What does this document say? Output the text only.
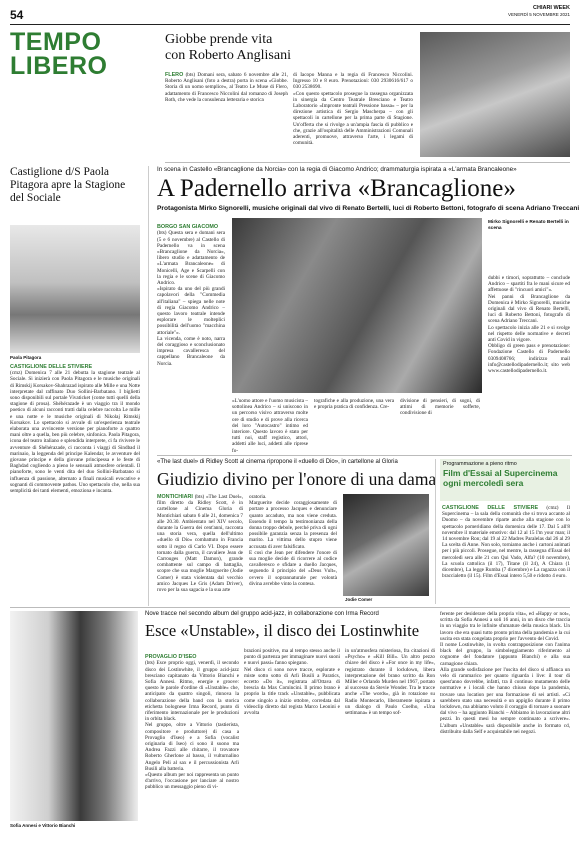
54	CHIARI WEEK
VENERDÌ 5 NOVEMBRE 2021
TEMPO
LIBERO
Giobbe prende vita
con Roberto Anglisani
FLERO (bts) Domani sera, sabato 6 novembre alle 21, Roberto Anglisani (foto a destra) porta in scena «Giobbe. Storia di un uomo semplice», al Teatro Le Muse di Flero, adattamento di Francesco Niccolini dal romanzo di Joseph Roth, che vede la consulenza letteraria e storica
di Iacopo Manna e la regia di Francesco Niccolini. Ingresso 10 e 8 euro. Prenotazioni: 030 2930616/617 o 030 2538690.
«Con questo spettacolo prosegue la rassegna organizzata in sinergia da Centro Teatrale Bresciano e Teatro Laboratorio «Improntе teatrali Pressione bassa» – per la direzione artistica di Sergio Mascherpa – con gli spettacoli in cartellone per la prima parte di Stagione. Un'offerta che si rivolge a un'ampia fascia di pubblico e che, grazie all'ospitalità delle Amministrazioni Comunali aderenti, promuove, attraverso l'arte, i legami di comunità.
Castiglione d/S Paola Pitagora apre la Stagione del Sociale
Paola Pitagora
CASTIGLIONE DELLE STIVIERE
(cmz) Domenica 7 alle 21 debutta la stagione teatrale al Sociale. Si inizierà con Paola Pitagora e le musiche originali di Rimskij Korsakov-Shahrazad ispirato alle Mille e una Notte interpretate dal raffinato Duo Sollini-Barbatano. I biglietti sono disponibili sul portale Vivaticket (come tutti quelli della stagione di prosa). Shéhérazade è un viaggio tra il mondo poetico di alcuni racconti tratti dalla celebre raccolta Le mille e una notte e le musiche originali di Nikolaj Rimskij Korsakov. Lo spettacolo si avvale di un'esperienza teatrale elaborata una avvincente versione per pianoforte a quattro mani oltre a quella, ben più celebre, sinfonica. Paola Pitagora, icona del teatro italiano e splendida interprete, ci fa rivivere le avventure di Shéhérazade, ci racconta i viaggi di Sindbad il marinaio, la leggenda del principe Kalendar, le avventure del giovane principe e della giovane principessa e le feste di Baghdad cogliendo a pieno le sensuali atmosfere orientali. Il pianoforte, sono le venti dita del duo Sollini-Barbatano si influenza di passione, alternato a finali musicali evocative e sognanti di commovente pathos. Uno spettacolo che, nella sua semplicità dei tanti elementi, emoziona e incanta.
In scena in Castello «Brancaglione da Norcia» con la regia di Giacomo Andrico; drammaturgia ispirata a «L'armata Brancaleone»
A Padernello arriva «Brancaglione»
Protagonista Mirko Signorelli, musiche originali dal vivo di Renato Bertelli, luci di Roberto Bettoni, fotografo di scena Adriano Treccani

BORGO SAN GIACOMO
(bts) Questa sera e domani sera (5 e 6 novembre) al Castello di Padernello va in scena «Brancaglione da Norcia», libero studio e adattamento de «L'armata Brancaleone» di Monicelli, Age e Scarpelli con la regia e le scene di Giacomo Andrico.
«Ispirato da uno del più grandi capolavori della "Commedia all'italiana" – spiega nelle note di regia Giacomo Andrico – questo lavoro teatrale intende esplorare le molteplici possibilità dell'uomo "macchina attoriale"».
La vicenda, come è noto, narra del coraggioso e sconclusionato impresa cavalleresca del cappellano Brancaleone da Norcia.

Mirko Signorelli e Renato Bertelli in scena
«L'uomo attore e l'uomo musicista – sottolinea Andrico – si uniscono in un percorso visivo attraverso molte ore di studio e di prove alla ricerca del loro "Autocastro" intimo ed interiore. Questo lavoro è stato per tutti noi, staff registico, attori, addetti alle luci, addetti alle riprese fo-
tografiche e alla produzione, una vera e propria pratica di confidenza. Cre-
divisione di pensieri, di sogni, di attimi di memorie sofferte, condivisione di
dubbi e timori, soprattutto – conclude Andrico – spartiti fra le mani sicure ed affettuose di "rincuori amici"».
Nei panni di Brancaglione da Domenica è Mirko Signorelli, musiche originali dal vivo di Renato Bertelli, luci di Roberto Bettoni, fotografo di scena Adriano Treccani.
Lo spettacolo inizia alle 21 e si svolge nel rispetto delle normative e decreti anti Covid in vigore.
Obbligo di green pass e prenotazione: Fondazione Castello di Padernello 0309408766; indirizzo mail info@castellodipadernello.it; sito web www.castellodipadernello.it.
«The last duel» di Ridley Scott al cinema ripropone il «duello di Dio», in cartellone al Gloria
Giudizio divino per l'onore di una dama
MONTICHIARI (bts) «The Last Duel», film diretto da Ridley Scott, è in cartellone al Cinema Gloria di Montichiari sabato 6 alle 21, domenica 7 alle 20.30. Ambientato nel XIV secolo, durante la Guerra dei cent'anni, racconta una storia vera, quella dell'ultimo «duello di Dio» combattuto in Francia sotto il regno di Carlo VI. Dopo essere tornato dalla guerra, il cavaliere Jean de Carrouges (Matt Damon), grande combattente sul campo di battaglia, scopre che sua moglie Marguerite (Jodie Comer) è stata violentata dal vecchio amico Jacques Le Gris (Adam Driver), rovo per la sua sagacia e la sua arte
oratoria.
Marguerite decide coraggiosamente di portare a processo Jacques e denunciare quanto accaduto, ma non viene creduta. Essendo il tempo la testimonianza della donna troppo debole, perché priva di ogni possibile garanzia senza la presenza del marito. La vittima dello stupro viene accusata di aver falsificato.
E così che Jean per difendere l'onore di sua moglie decide di ricorrere al codice cavalleresco e sfidare a duello Jacques, seguendo il principio del «Deus Vult», ovvero il soprannaturale per volontà divina avrebbe vinto la contesa.
Jodie Comer
Programmazione a pieno ritmo
Film d'Essai al Supercinema
ogni mercoledì sera
CASTIGLIONE DELLE STIVIERE (cmz) Il Supercinema – la sala della comunità che si trova accanto al Duomo – da novembre riparte anche alla stagione con lo spettacolo pomeridiano della domenica delle 17. Dal 5 all'8 novembre il materiale emotivo: dal 12 al 15 I'm your man; il 14 novembre Ron; dal 19 al 22 Madres Paralelas dal 26 al 29 La scelta di Anne. Non solo, torniamo anche i cartoni animati per i più piccoli. Prosegue, nel mentre, la rassegna d'Essai del mercoledì sera alle 21 con Qui Vado, Alfa? (10 novembre), La scuola cattolica (il 17), Titane (il 24), A Chiara (1 dicembre), La legge Rumba (7 dicembre) e La ragazza con il braccialetto (il 15). Film d'Essai intero 5,50 e ridotto 4 euro.
Sofia Annesi e Vittorio Bianchi
Nove tracce nel secondo album del gruppo acid-jazz, in collaborazione con Irma Record
Esce «Unstable», il disco dei Lostinwhite

PROVAGLIO D'ISEO
(bts) Esce proprio oggi, venerdì, il secondo disco dei Lostinwhite, il gruppo acid-jazz bresciano capitanato da Vittorio Bianchi e Sofia Annesi. Ritmo, energie e groove: questo le parole d'ordine di «Unstable» che, anticipato da quattro singoli, rinnova la collaborazione della band con la storica etichetta bolognese Irma Record, punto di riferimento internazionale per le produzioni in orbita black.
Nel gruppo, oltre a Vittorio (tastierista, compositore e produttore) di casa a Provaglio d'Iseo) e a Sofia (vocalist originaria di Iseo) ci sono il suono ma Andrea Fazzi alle chitarre, il trovatore Roberto Gherlone al basso, il vulturnalino Angelo Peli al sax e il percussionista Arlì Busili alla batteria.
«Questo album per noi rappresenta un punto d'arrivo, l'occasione per lanciare al nostro pubblico un messaggio pieno di vi-

brazioni positive, ma al tempo stesso anche il punto di partenza per immaginare nuovi suoni e nuovi passi» fanno spiegano.
Nel disco ci sono nove tracce, esplorate e miste sotto sotto di Arlì Busili a Paratics, eccetto «Do it», registrata all'Ottava di brescia da Max Comincini. Il primo brano è proprio la title track «Unstable», pubblicata come singolo a inizio ottobre, corredata dal videoclip diretto dal regista Marco Leonini e avvolta
ferente per desiderare della propria vita», ed «Happy or not», scritta da Sofia Annesi a soli 16 anni, in un disco che traccia in un viaggio tra le infinite sfumature della musica black. Un lavoro che era quasi tutto pronto prima della pandemia e la cui uscita era stata congelata proprio per l'avvento del Covid.
Il nome Lostinwhite, in svolta contrapposizione con l'anima black del gruppo, la simboleggiamento riferimento al cognome del fondatore (appunto Bianchi) e alla sua carnagione chiara.
Alla grande sodisfazione per l'uscita del disco si affianca un velo di rammarico per quanto riguarda i live: il tour di quest'anno dovrebbe, infatti, tra il continuo mutamento delle normative e i locali che hanno chiuso dopo la pandemia, trovare una location per una formazione di sei artisti. «Ci sarebbero stato una necessità e un appiglio durante il primo lockdown, ma abbiamo voluto il coraggio di tornare a suonare dal vivo – ha aggiunto Bianchi – Abbiamo in lavorazione altri pezzi. In questi mesi ho sempre continuato a scrivere». L'album «Unstable» sarà disponibile anche in formato cd, distribuito dalla Self e acquistabile nei negozi.
in un'atmosfera misteriosa, fra citazioni di «Psycho» e «Kill Bill». Un altro pezzo chiave del disco è «For once in my life», registrato durante il lockdown, libera interpretazione del brano scritto da Ron Miller e Orlando Murden nel 1967, portato al successo da Stevie Wonder. Tra le tracce anche «The words», già in rotazione su Radio Montecarlo, liberamente ispirata a un dialogo di Paulo Coelho, «Una settimana» è un tempo sof-
